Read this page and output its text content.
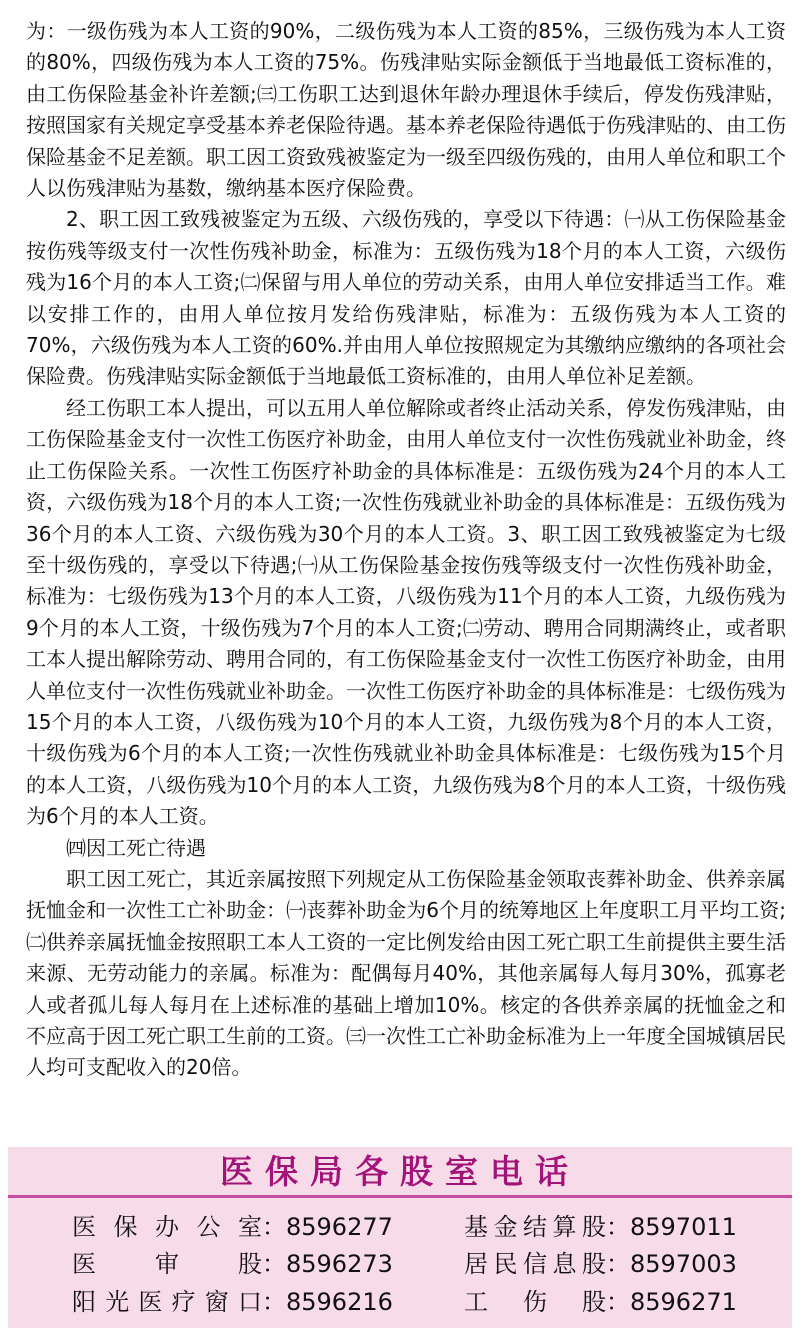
为：一级伤残为本人工资的90%，二级伤残为本人工资的85%，三级伤残为本人工资的80%，四级伤残为本人工资的75%。伤残津贴实际金额低于当地最低工资标准的，由工伤保险基金补许差额;㈢工伤职工达到退休年龄办理退休手续后，停发伤残津贴，按照国家有关规定享受基本养老保险待遇。基本养老保险待遇低于伤残津贴的、由工伤保险基金不足差额。职工因工资致残被鉴定为一级至四级伤残的，由用人单位和职工个人以伤残津贴为基数，缴纳基本医疗保险费。

2、职工因工致残被鉴定为五级、六级伤残的，享受以下待遇：㈠从工伤保险基金按伤残等级支付一次性伤残补助金，标准为：五级伤残为18个月的本人工资，六级伤残为16个月的本人工资;㈡保留与用人单位的劳动关系，由用人单位安排适当工作。难以安排工作的，由用人单位按月发给伤残津贴，标准为：五级伤残为本人工资的70%，六级伤残为本人工资的60%.并由用人单位按照规定为其缴纳应缴纳的各项社会保险费。伤残津贴实际金额低于当地最低工资标准的，由用人单位补足差额。

经工伤职工本人提出，可以五用人单位解除或者终止活动关系，停发伤残津贴，由工伤保险基金支付一次性工伤医疗补助金，由用人单位支付一次性伤残就业补助金，终止工伤保险关系。一次性工伤医疗补助金的具体标准是：五级伤残为24个月的本人工资，六级伤残为18个月的本人工资;一次性伤残就业补助金的具体标准是：五级伤残为36个月的本人工资、六级伤残为30个月的本人工资。3、职工因工致残被鉴定为七级至十级伤残的，享受以下待遇;㈠从工伤保险基金按伤残等级支付一次性伤残补助金，标准为：七级伤残为13个月的本人工资，八级伤残为11个月的本人工资，九级伤残为9个月的本人工资，十级伤残为7个月的本人工资;㈡劳动、聘用合同期满终止，或者职工本人提出解除劳动、聘用合同的，有工伤保险基金支付一次性工伤医疗补助金，由用人单位支付一次性伤残就业补助金。一次性工伤医疗补助金的具体标准是：七级伤残为15个月的本人工资，八级伤残为10个月的本人工资，九级伤残为8个月的本人工资，十级伤残为6个月的本人工资;一次性伤残就业补助金具体标准是：七级伤残为15个月的本人工资，八级伤残为10个月的本人工资，九级伤残为8个月的本人工资，十级伤残为6个月的本人工资。

㈣因工死亡待遇

职工因工死亡，其近亲属按照下列规定从工伤保险基金领取丧葬补助金、供养亲属抚恤金和一次性工亡补助金：㈠丧葬补助金为6个月的统筹地区上年度职工月平均工资;㈡供养亲属抚恤金按照职工本人工资的一定比例发给由因工死亡职工生前提供主要生活来源、无劳动能力的亲属。标准为：配偶每月40%，其他亲属每人每月30%，孤寡老人或者孤儿每人每月在上述标准的基础上增加10%。核定的各供养亲属的抚恤金之和不应高于因工死亡职工生前的工资。㈢一次性工亡补助金标准为上一年度全国城镇居民人均可支配收入的20倍。

医保局各股室电话
医保办公室：8596277
医审股：8596273
阳光医疗窗口：8596216
基金结算股：8597011
居民信息股：8597003
工伤股：8596271
